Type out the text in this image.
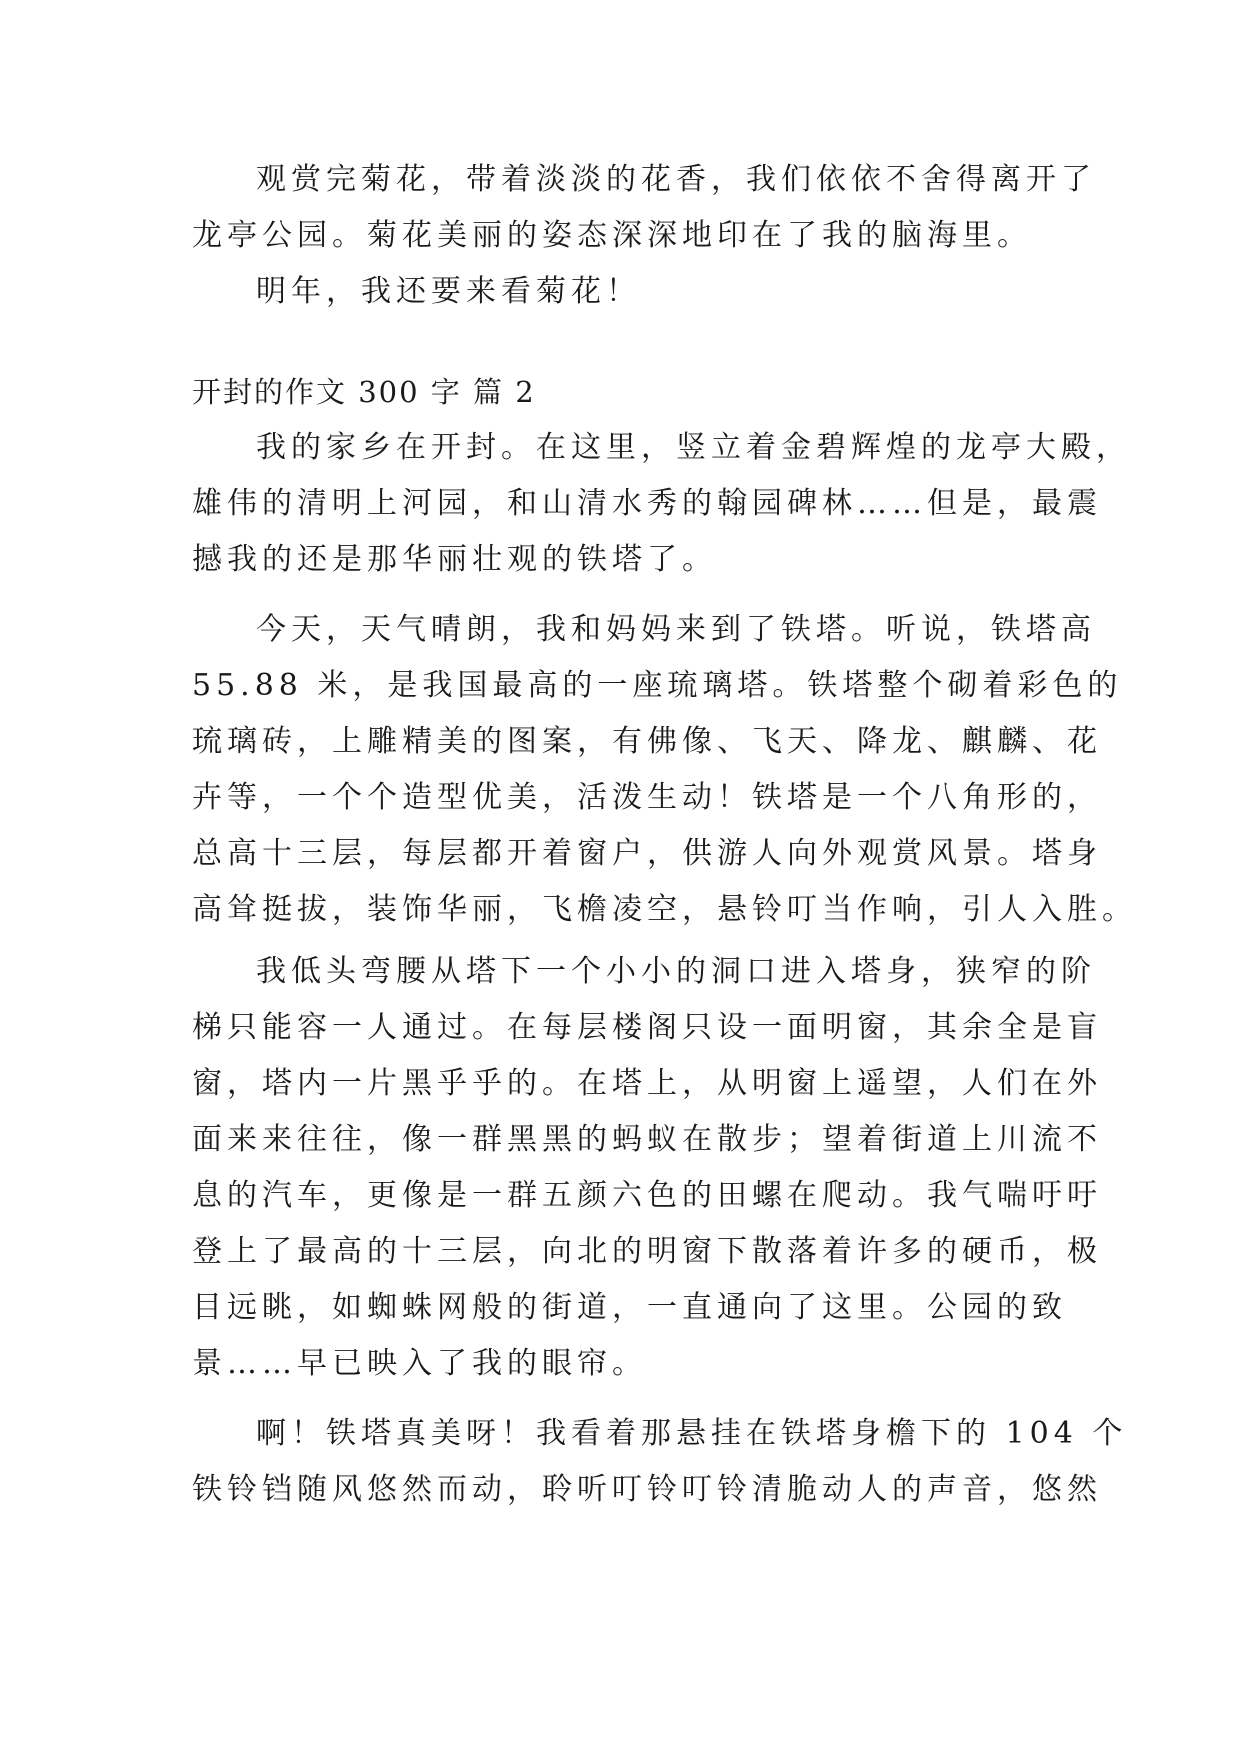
观赏完菊花，带着淡淡的花香，我们依依不舍得离开了
龙亭公园。菊花美丽的姿态深深地印在了我的脑海里。
明年，我还要来看菊花！
开封的作文 300 字 篇 2
我的家乡在开封。在这里，竖立着金碧辉煌的龙亭大殿，
雄伟的清明上河园，和山清水秀的翰园碑林……但是，最震
撼我的还是那华丽壮观的铁塔了。
今天，天气晴朗，我和妈妈来到了铁塔。听说，铁塔高
55.88 米，是我国最高的一座琉璃塔。铁塔整个砌着彩色的
琉璃砖，上雕精美的图案，有佛像、飞天、降龙、麒麟、花
卉等，一个个造型优美，活泼生动！铁塔是一个八角形的，
总高十三层，每层都开着窗户，供游人向外观赏风景。塔身
高耸挺拔，装饰华丽，飞檐凌空，悬铃叮当作响，引人入胜。
我低头弯腰从塔下一个小小的洞口进入塔身，狭窄的阶
梯只能容一人通过。在每层楼阁只设一面明窗，其余全是盲
窗，塔内一片黑乎乎的。在塔上，从明窗上遥望，人们在外
面来来往往，像一群黑黑的蚂蚁在散步；望着街道上川流不
息的汽车，更像是一群五颜六色的田螺在爬动。我气喘吁吁
登上了最高的十三层，向北的明窗下散落着许多的硬币，极
目远眺，如蜘蛛网般的街道，一直通向了这里。公园的致
景……早已映入了我的眼帘。
啊！铁塔真美呀！我看着那悬挂在铁塔身檐下的 104 个
铁铃铛随风悠然而动，聆听叮铃叮铃清脆动人的声音，悠然
